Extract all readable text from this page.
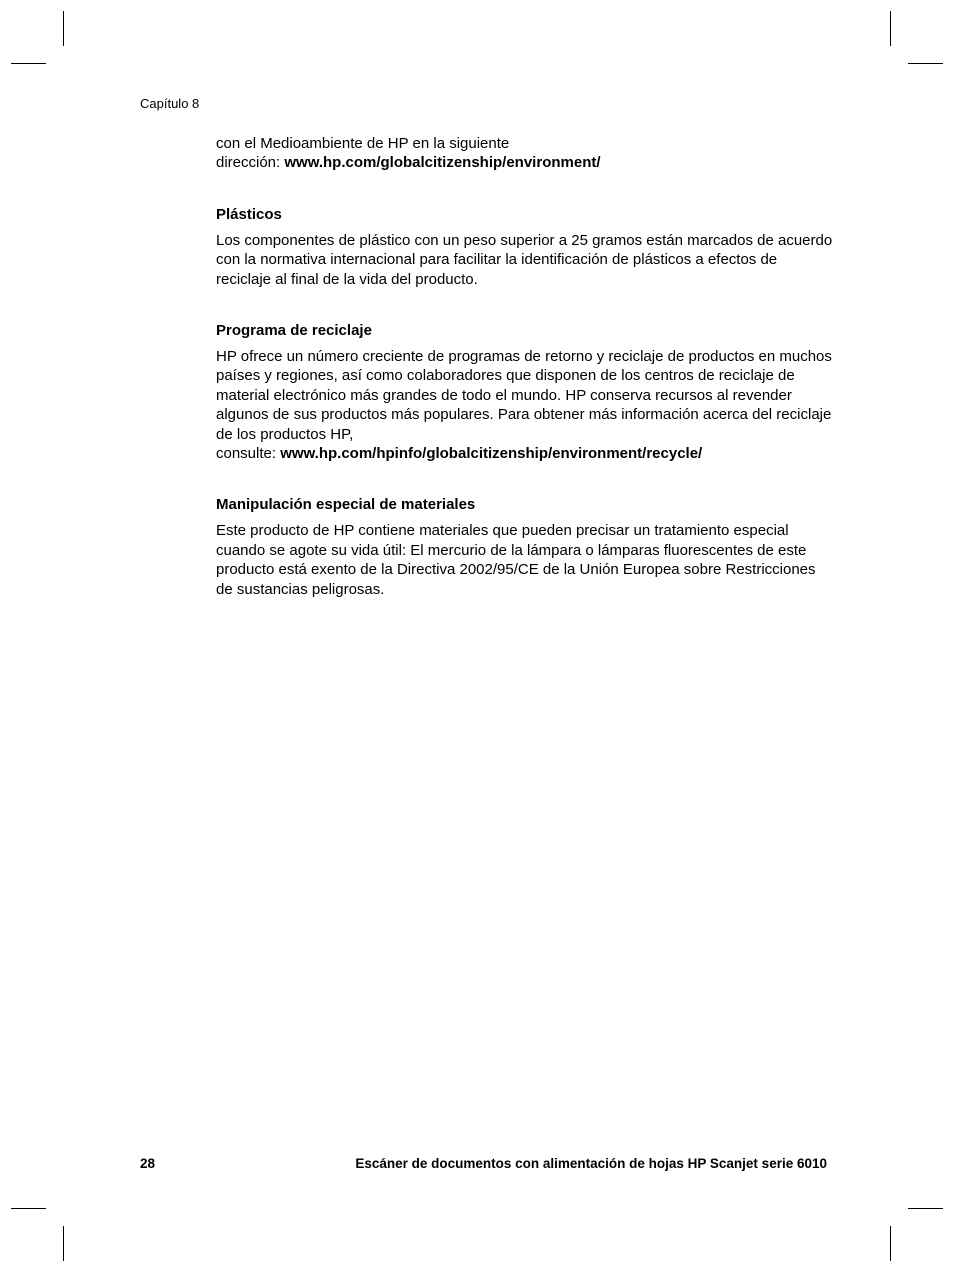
Capítulo 8

con el Medioambiente de HP en la siguiente
dirección: www.hp.com/globalcitizenship/environment/

Plásticos

Los componentes de plástico con un peso superior a 25 gramos están marcados de acuerdo con la normativa internacional para facilitar la identificación de plásticos a efectos de reciclaje al final de la vida del producto.

Programa de reciclaje

HP ofrece un número creciente de programas de retorno y reciclaje de productos en muchos países y regiones, así como colaboradores que disponen de los centros de reciclaje de material electrónico más grandes de todo el mundo. HP conserva recursos al revender algunos de sus productos más populares. Para obtener más información acerca del reciclaje de los productos HP,
consulte: www.hp.com/hpinfo/globalcitizenship/environment/recycle/

Manipulación especial de materiales

Este producto de HP contiene materiales que pueden precisar un tratamiento especial cuando se agote su vida útil: El mercurio de la lámpara o lámparas fluorescentes de este producto está exento de la Directiva 2002/95/CE de la Unión Europea sobre Restricciones de sustancias peligrosas.

28	Escáner de documentos con alimentación de hojas HP Scanjet serie 6010
